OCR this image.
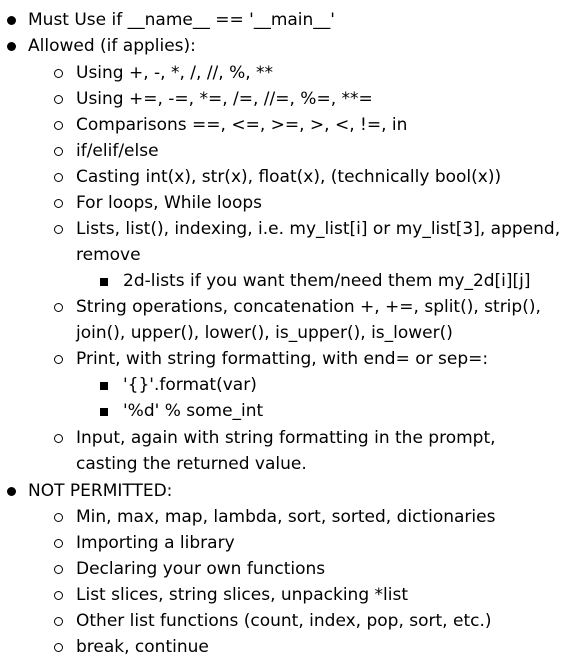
Must Use if __name__ == '__main__'
Allowed (if applies):
Using +, -, *, /, //, %, **
Using +=, -=, *=, /=, //=, %=, **=
Comparisons ==, <=, >=, >, <, !=, in
if/elif/else
Casting int(x), str(x), float(x), (technically bool(x))
For loops, While loops
Lists, list(), indexing, i.e. my_list[i] or my_list[3], append,
remove
2d-lists if you want them/need them my_2d[i][j]
String operations, concatenation +, +=, split(), strip(),
join(), upper(), lower(), is_upper(), is_lower()
Print, with string formatting, with end= or sep=:
'{}'.format(var)
'%d' % some_int
Input, again with string formatting in the prompt,
casting the returned value.
NOT PERMITTED:
Min, max, map, lambda, sort, sorted, dictionaries
Importing a library
Declaring your own functions
List slices, string slices, unpacking *list
Other list functions (count, index, pop, sort, etc.)
break, continue
